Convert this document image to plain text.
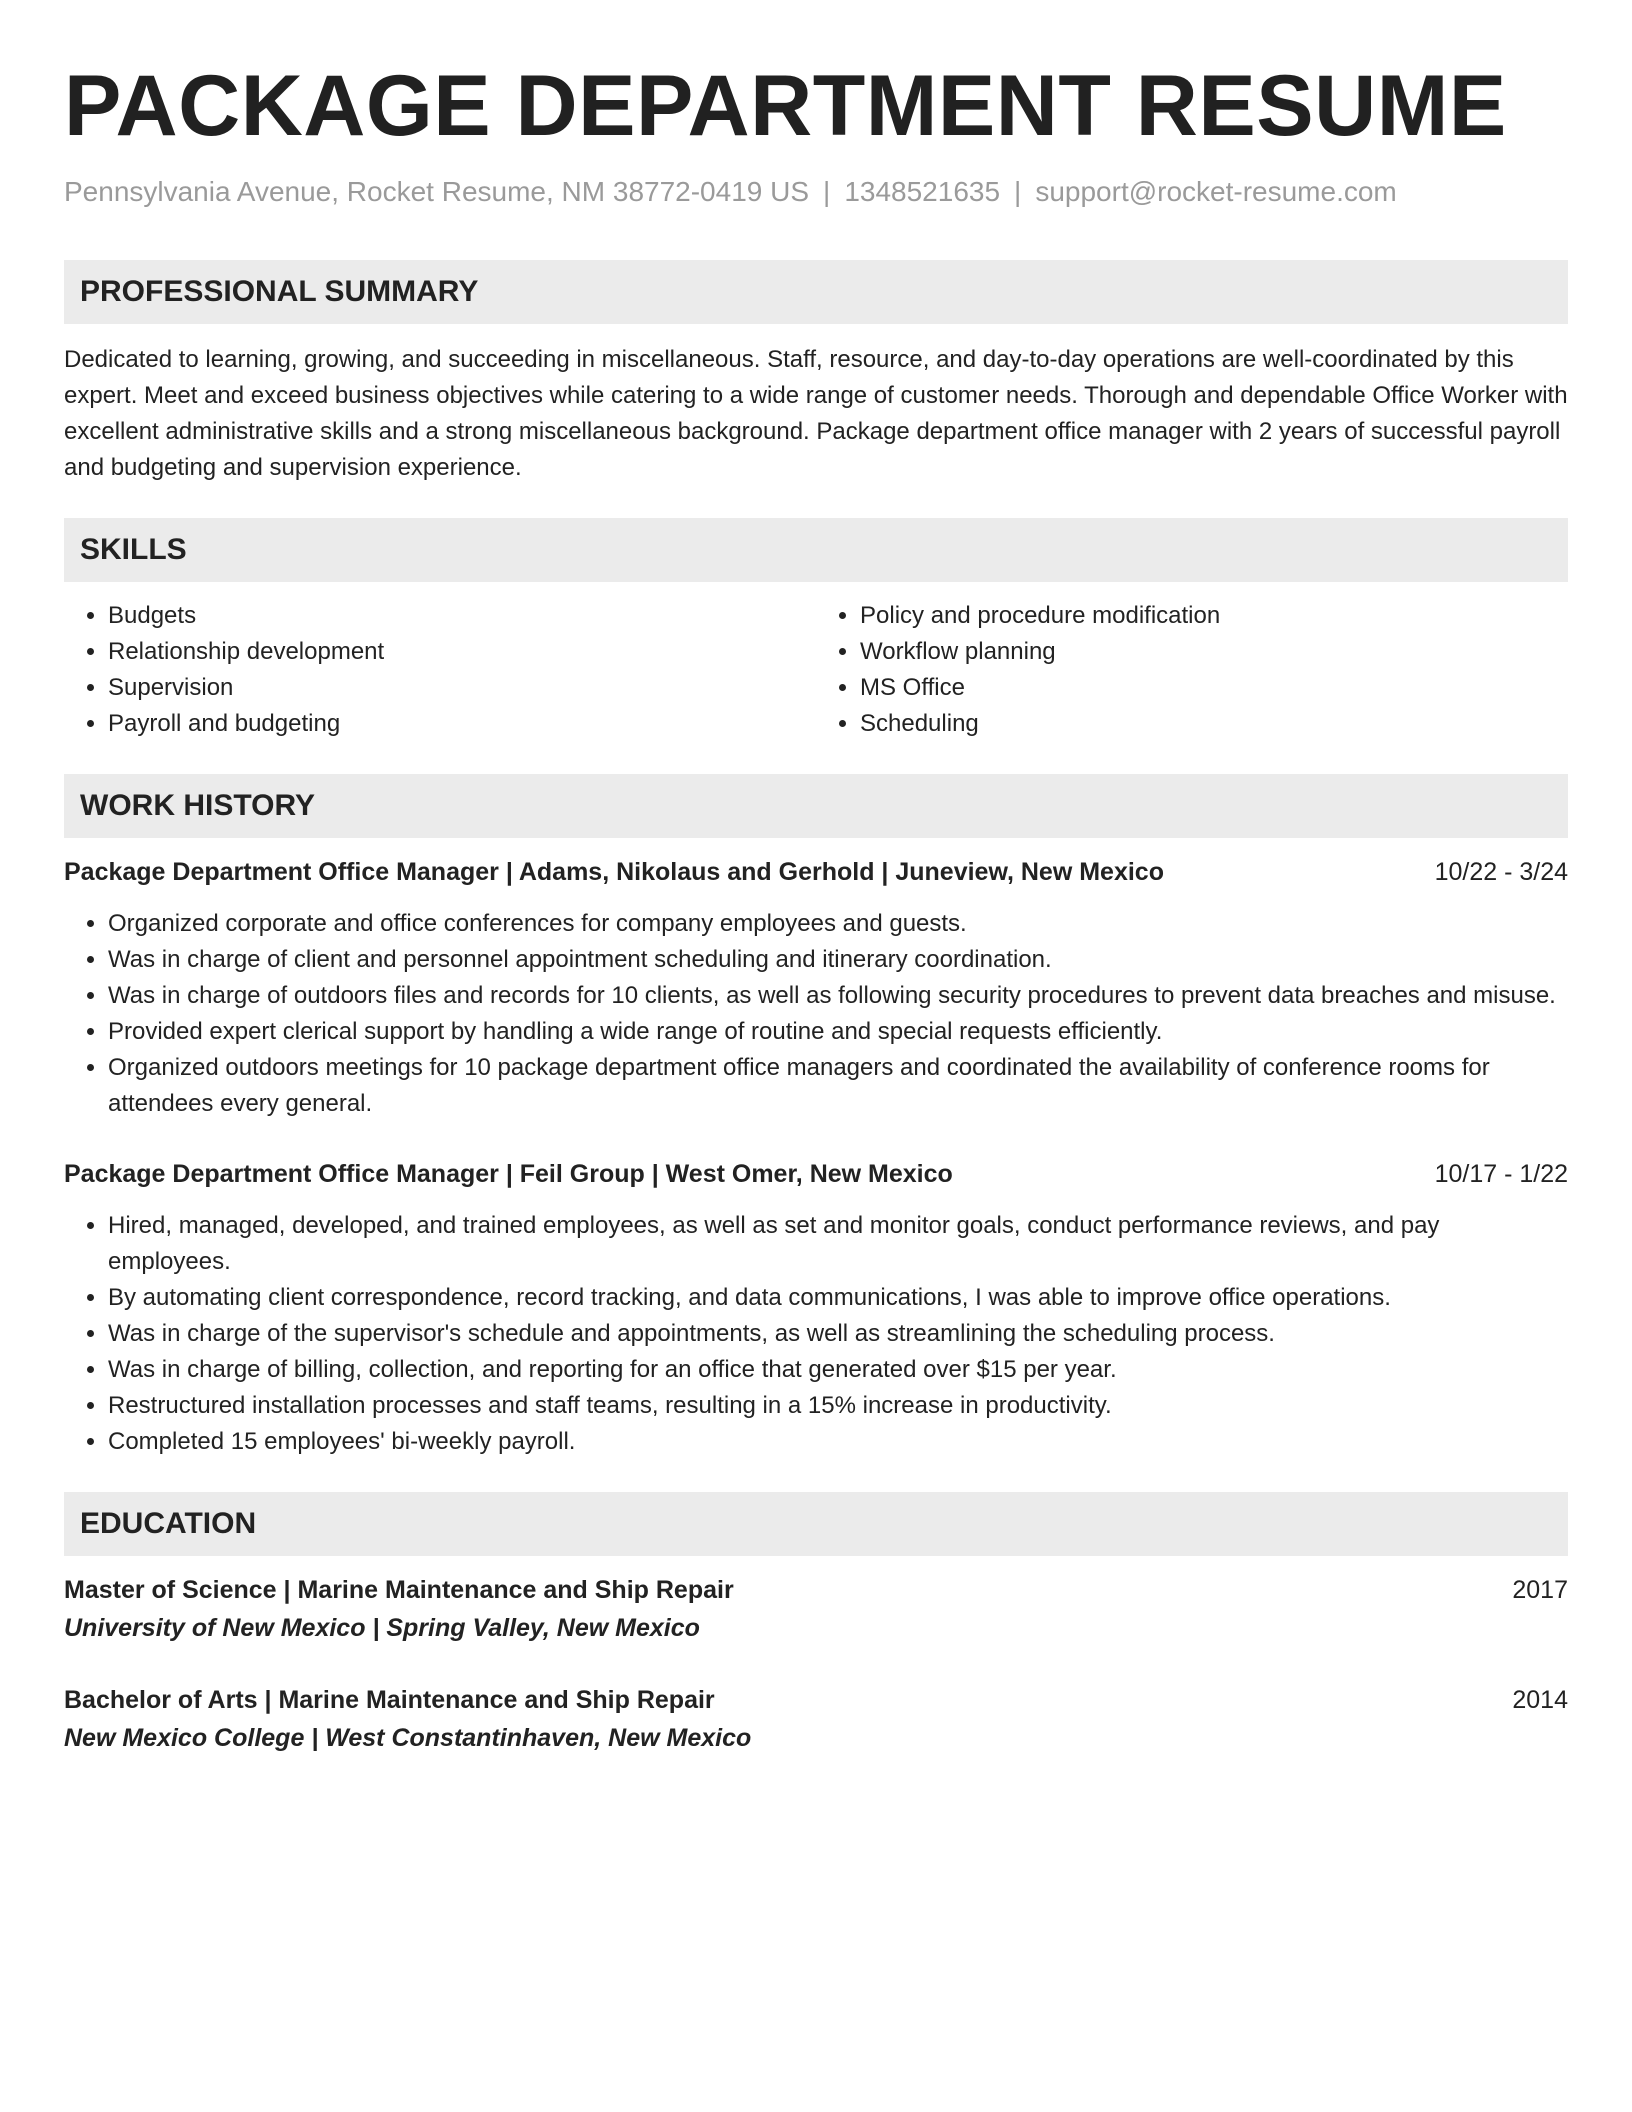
PACKAGE DEPARTMENT RESUME
Pennsylvania Avenue, Rocket Resume, NM 38772-0419 US | 1348521635 | support@rocket-resume.com
PROFESSIONAL SUMMARY

Dedicated to learning, growing, and succeeding in miscellaneous. Staff, resource, and day-to-day operations are well-coordinated by this expert. Meet and exceed business objectives while catering to a wide range of customer needs. Thorough and dependable Office Worker with excellent administrative skills and a strong miscellaneous background. Package department office manager with 2 years of successful payroll and budgeting and supervision experience.

SKILLS
• Budgets
• Relationship development
• Supervision
• Payroll and budgeting
• Policy and procedure modification
• Workflow planning
• MS Office
• Scheduling
WORK HISTORY
Package Department Office Manager | Adams, Nikolaus and Gerhold | Juneview, New Mexico	10/22 - 3/24
• Organized corporate and office conferences for company employees and guests.
• Was in charge of client and personnel appointment scheduling and itinerary coordination.
• Was in charge of outdoors files and records for 10 clients, as well as following security procedures to prevent data breaches and misuse.
• Provided expert clerical support by handling a wide range of routine and special requests efficiently.
• Organized outdoors meetings for 10 package department office managers and coordinated the availability of conference rooms for attendees every general.
Package Department Office Manager | Feil Group | West Omer, New Mexico	10/17 - 1/22
• Hired, managed, developed, and trained employees, as well as set and monitor goals, conduct performance reviews, and pay employees.
• By automating client correspondence, record tracking, and data communications, I was able to improve office operations.
• Was in charge of the supervisor's schedule and appointments, as well as streamlining the scheduling process.
• Was in charge of billing, collection, and reporting for an office that generated over $15 per year.
• Restructured installation processes and staff teams, resulting in a 15% increase in productivity.
• Completed 15 employees' bi-weekly payroll.
EDUCATION
Master of Science | Marine Maintenance and Ship Repair	2017
University of New Mexico | Spring Valley, New Mexico
Bachelor of Arts | Marine Maintenance and Ship Repair	2014
New Mexico College | West Constantinhaven, New Mexico
